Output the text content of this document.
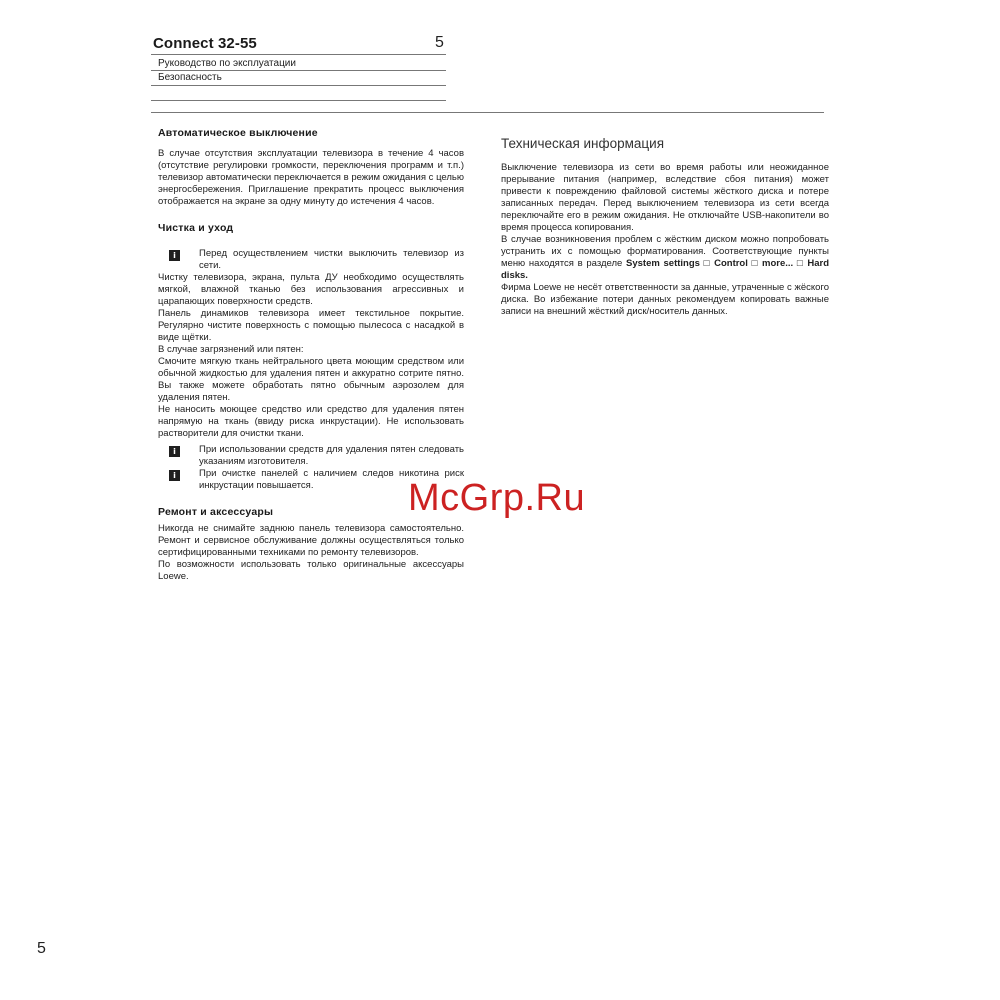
Connect 32-55	5
Руководство по эксплуатации
Безопасность

Автоматическое выключение

В случае отсутствия эксплуатации телевизора в течение 4 часов (отсутствие регулировки громкости, переключения программ и т.п.) телевизор автоматически переключается в режим ожидания с целью энергосбережения. Приглашение прекратить процесс выключения отображается на экране за одну минуту до истечения 4 часов.

Чистка и уход

i	Перед осуществлением чистки выключить телевизор из сети.

Чистку телевизора, экрана, пульта ДУ необходимо осуществлять мягкой, влажной тканью без использования агрессивных и царапающих поверхности средств.

Панель динамиков телевизора имеет текстильное покрытие. Регулярно чистите поверхность с помощью пылесоса с насадкой в виде щётки.

В случае загрязнений или пятен:

Смочите мягкую ткань нейтрального цвета моющим средством или обычной жидкостью для удаления пятен и аккуратно сотрите пятно. Вы также можете обработать пятно обычным аэрозолем для удаления пятен.

Не наносить моющее средство или средство для удаления пятен напрямую на ткань (ввиду риска инкрустации). Не использовать растворители для очистки ткани.

i	При использовании средств для удаления пятен следовать указаниям изготовителя.

i	При очистке панелей с наличием следов никотина риск инкрустации повышается.

Ремонт и аксессуары

Никогда не снимайте заднюю панель телевизора самостоятельно. Ремонт и сервисное обслуживание должны осуществляться только сертифицированными техниками по ремонту телевизоров.

По возможности использовать только оригинальные аксессуары Loewe.

Техническая информация

Выключение телевизора из сети во время работы или неожиданное прерывание питания (например, вследствие сбоя питания) может привести к повреждению файловой системы жёсткого диска и потере записанных передач. Перед выключением телевизора из сети всегда переключайте его в режим ожидания. Не отключайте USB-накопители во время процесса копирования.

В случае возникновения проблем с жёстким диском можно попробовать устранить их с помощью форматирования. Соответствующие пункты меню находятся в разделе System settings □ Control □ more... □ Hard disks.

Фирма Loewe не несёт ответственности за данные, утраченные с жёского диска. Во избежание потери данных рекомендуем копировать важные записи на внешний жёсткий диск/носитель данных.

McGrp.Ru
5
